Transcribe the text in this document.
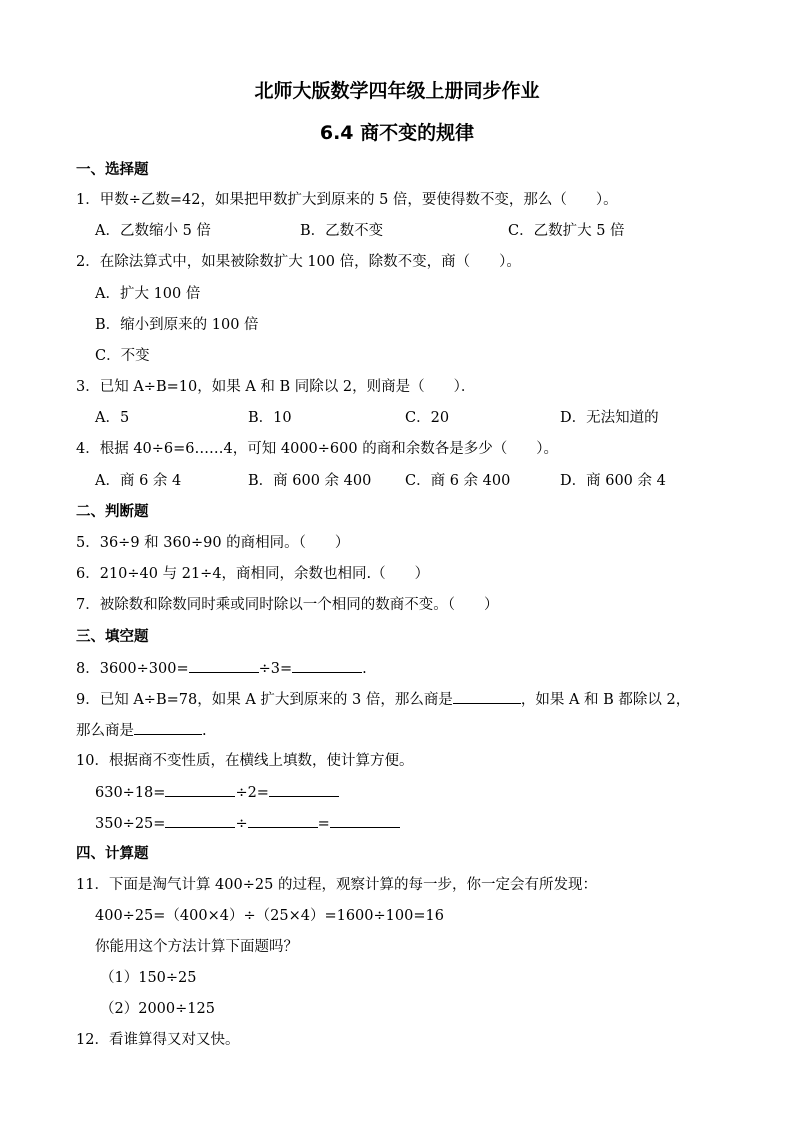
北师大版数学四年级上册同步作业
6.4 商不变的规律
一、选择题
1．甲数÷乙数=42，如果把甲数扩大到原来的 5 倍，要使得数不变，那么（　　）。
A．乙数缩小 5 倍	B．乙数不变	C．乙数扩大 5 倍
2．在除法算式中，如果被除数扩大 100 倍，除数不变，商（　　）。
A．扩大 100 倍
B．缩小到原来的 100 倍
C．不变
3．已知 A÷B=10，如果 A 和 B 同除以 2，则商是（　　）．
A．5	B．10	C．20	D．无法知道的
4．根据 40÷6=6……4，可知 4000÷600 的商和余数各是多少（　　）。
A．商 6 余 4	B．商 600 余 400 C．商 6 余 400	D．商 600 余 4
二、判断题
5．36÷9 和 360÷90 的商相同。（　　）
6．210÷40 与 21÷4，商相同，余数也相同.（　　）
7．被除数和除数同时乘或同时除以一个相同的数商不变。（　　）
三、填空题
8．3600÷300=	÷3=	.
9．已知 A÷B=78，如果 A 扩大到原来的 3 倍，那么商是	，如果 A 和 B 都除以 2，
那么商是	.
10．根据商不变性质，在横线上填数，使计算方便。
630÷18=	÷2=
350÷25=	÷	=
四、计算题
11．下面是淘气计算 400÷25 的过程，观察计算的每一步，你一定会有所发现：
400÷25=（400×4）÷（25×4）=1600÷100=16
你能用这个方法计算下面题吗？
（1）150÷25
（2）2000÷125
12．看谁算得又对又快。
